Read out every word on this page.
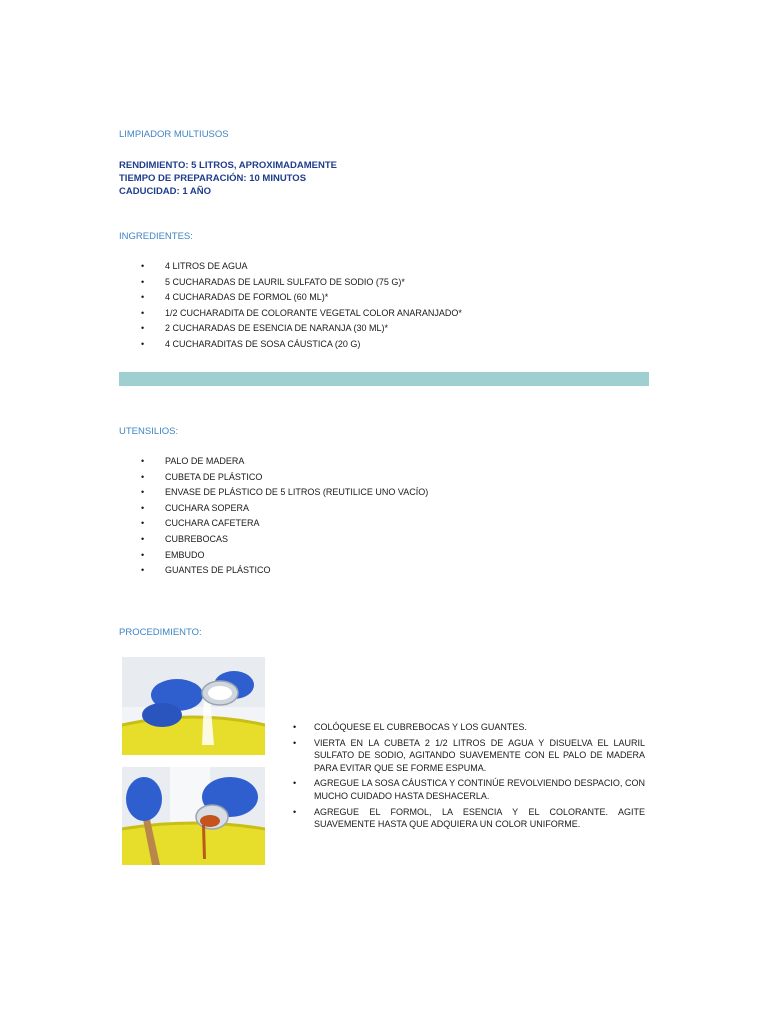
LIMPIADOR MULTIUSOS
RENDIMIENTO: 5 LITROS, APROXIMADAMENTE
TIEMPO DE PREPARACIÓN: 10 MINUTOS
CADUCIDAD: 1 AÑO
INGREDIENTES:
• 4 LITROS DE AGUA
• 5 CUCHARADAS DE LAURIL SULFATO DE SODIO (75 G)*
• 4 CUCHARADAS DE FORMOL (60 ML)*
• 1/2 CUCHARADITA DE COLORANTE VEGETAL COLOR ANARANJADO*
• 2 CUCHARADAS DE ESENCIA DE NARANJA (30 ML)*
• 4 CUCHARADITAS DE SOSA CÁUSTICA (20 G)
UTENSILIOS:
• PALO DE MADERA
• CUBETA DE PLÁSTICO
• ENVASE DE PLÁSTICO DE 5 LITROS (REUTILICE UNO VACÍO)
• CUCHARA SOPERA
• CUCHARA CAFETERA
• CUBREBOCAS
• EMBUDO
• GUANTES DE PLÁSTICO
PROCEDIMIENTO:
• COLÓQUESE EL CUBREBOCAS Y LOS GUANTES.
• VIERTA EN LA CUBETA 2 1/2 LITROS DE AGUA Y DISUELVA EL LAURIL SULFATO DE SODIO, AGITANDO SUAVEMENTE CON EL PALO DE MADERA PARA EVITAR QUE SE FORME ESPUMA.
• AGREGUE LA SOSA CÁUSTICA Y CONTINÚE REVOLVIENDO DESPACIO, CON MUCHO CUIDADO HASTA DESHACERLA.
• AGREGUE EL FORMOL, LA ESENCIA Y EL COLORANTE. AGITE SUAVEMENTE HASTA QUE ADQUIERA UN COLOR UNIFORME.
